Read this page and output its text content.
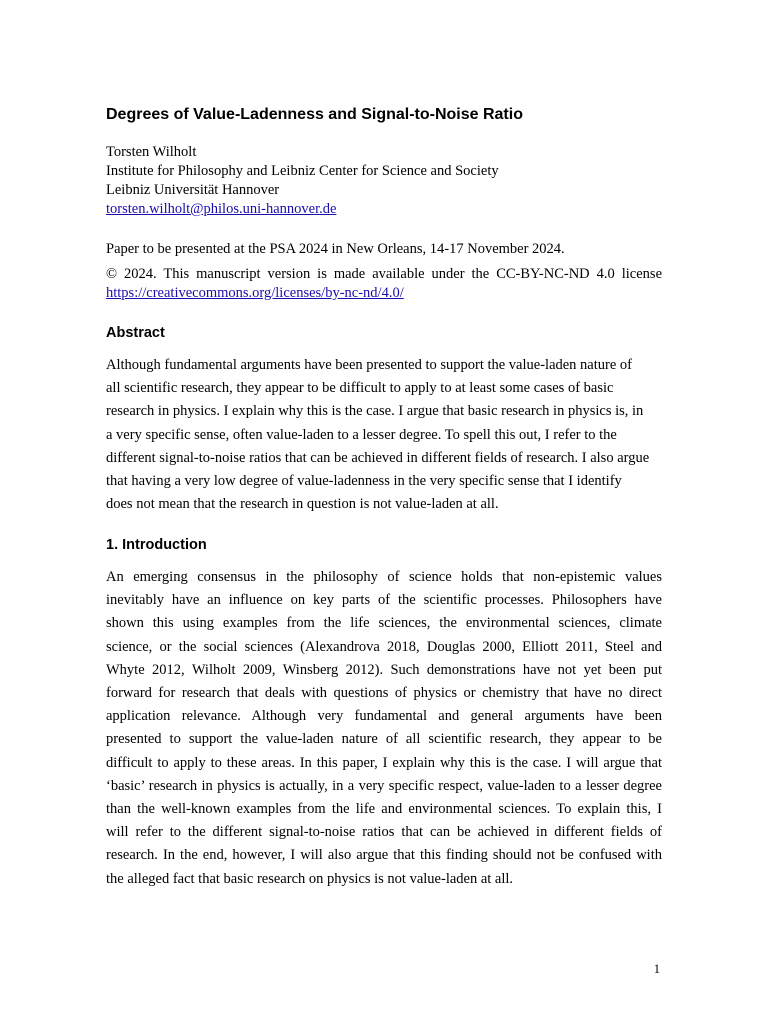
Degrees of Value-Ladenness and Signal-to-Noise Ratio
Torsten Wilholt
Institute for Philosophy and Leibniz Center for Science and Society
Leibniz Universität Hannover
torsten.wilholt@philos.uni-hannover.de
Paper to be presented at the PSA 2024 in New Orleans, 14-17 November 2024.
© 2024. This manuscript version is made available under the CC-BY-NC-ND 4.0 license
https://creativecommons.org/licenses/by-nc-nd/4.0/
Abstract
Although fundamental arguments have been presented to support the value-laden nature of
all scientific research, they appear to be difficult to apply to at least some cases of basic
research in physics. I explain why this is the case. I argue that basic research in physics is, in
a very specific sense, often value-laden to a lesser degree. To spell this out, I refer to the
different signal-to-noise ratios that can be achieved in different fields of research. I also argue
that having a very low degree of value-ladenness in the very specific sense that I identify
does not mean that the research in question is not value-laden at all.
1. Introduction
An emerging consensus in the philosophy of science holds that non-epistemic values
inevitably have an influence on key parts of the scientific processes. Philosophers have
shown this using examples from the life sciences, the environmental sciences, climate
science, or the social sciences (Alexandrova 2018, Douglas 2000, Elliott 2011, Steel and
Whyte 2012, Wilholt 2009, Winsberg 2012). Such demonstrations have not yet been put
forward for research that deals with questions of physics or chemistry that have no direct
application relevance. Although very fundamental and general arguments have been
presented to support the value-laden nature of all scientific research, they appear to be
difficult to apply to these areas. In this paper, I explain why this is the case. I will argue that
‘basic’ research in physics is actually, in a very specific respect, value-laden to a lesser degree
than the well-known examples from the life and environmental sciences. To explain this, I
will refer to the different signal-to-noise ratios that can be achieved in different fields of
research. In the end, however, I will also argue that this finding should not be confused with
the alleged fact that basic research on physics is not value-laden at all.
1
